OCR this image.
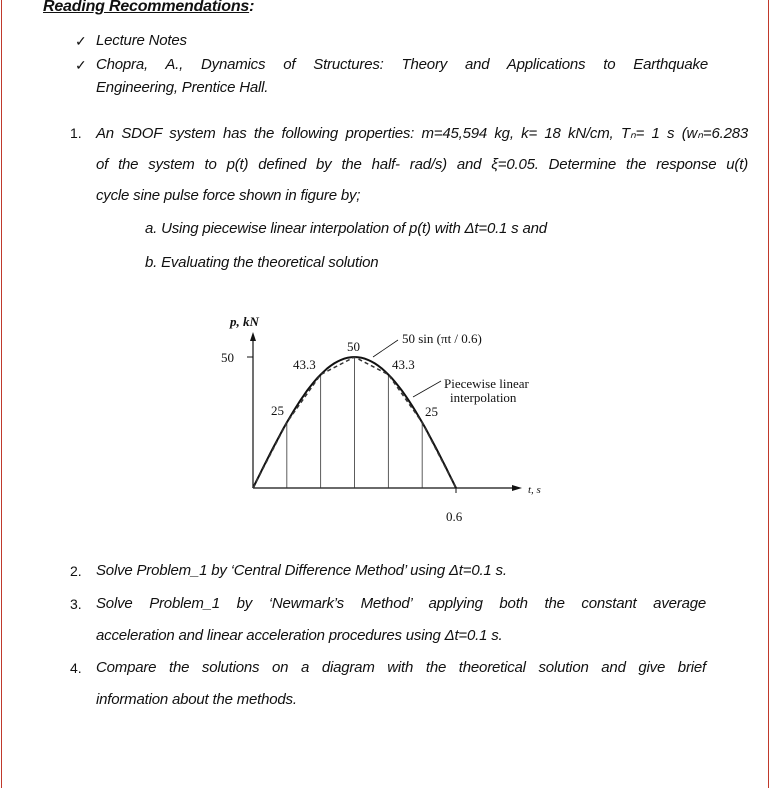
Reading Recommendations:
✓ Lecture Notes
✓ Chopra, A., Dynamics of Structures: Theory and Applications to Earthquake
Engineering, Prentice Hall.
1. An SDOF system has the following properties: m=45,594 kg, k= 18 kN/cm, Tₙ= 1 s (wₙ=6.283
of the system to p(t) defined by the half- rad/s) and ξ=0.05. Determine the response u(t)
cycle sine pulse force shown in figure by;
a. Using piecewise linear interpolation of p(t) with Δt=0.1 s and
b. Evaluating the theoretical solution
p, kN
50
0.6
t, s
50 sin (πt / 0.6)
Piecewise linear
interpolation
25
43.3
50
43.3
25
2. Solve Problem_1 by ‘Central Difference Method’ using Δt=0.1 s.
3. Solve Problem_1 by ‘Newmark’s Method’ applying both the constant average
acceleration and linear acceleration procedures using Δt=0.1 s.
4. Compare the solutions on a diagram with the theoretical solution and give brief
information about the methods.
